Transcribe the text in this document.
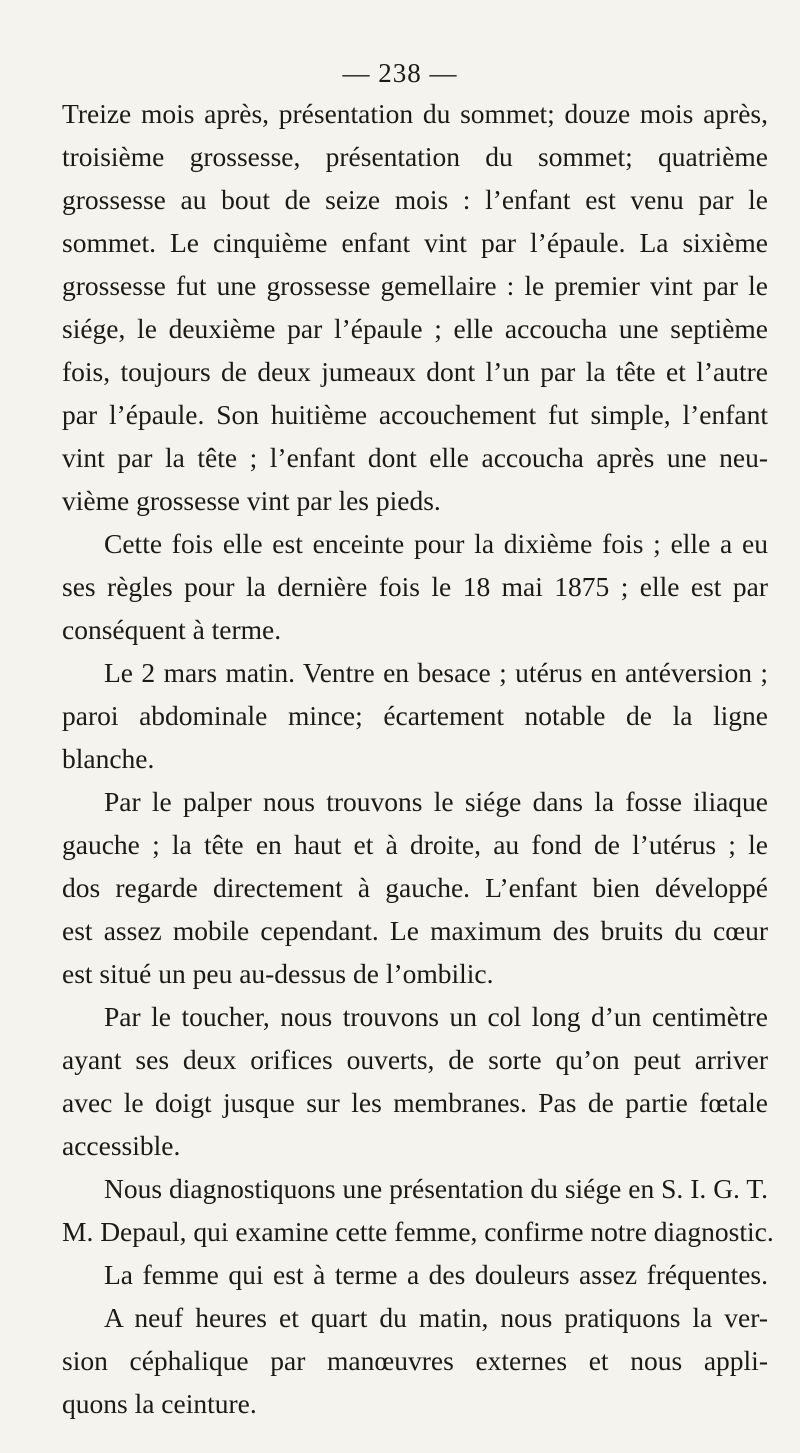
— 238 —
Treize mois après, présentation du sommet; douze mois après,
troisième grossesse, présentation du sommet; quatrième
grossesse au bout de seize mois : l’enfant est venu par le
sommet. Le cinquième enfant vint par l’épaule. La sixième
grossesse fut une grossesse gemellaire : le premier vint par le
siége, le deuxième par l’épaule ; elle accoucha une septième
fois, toujours de deux jumeaux dont l’un par la tête et l’autre
par l’épaule. Son huitième accouchement fut simple, l’enfant
vint par la tête ; l’enfant dont elle accoucha après une neu-
vième grossesse vint par les pieds.
Cette fois elle est enceinte pour la dixième fois ; elle a eu
ses règles pour la dernière fois le 18 mai 1875 ; elle est par
conséquent à terme.
Le 2 mars matin. Ventre en besace ; utérus en antéversion ;
paroi abdominale mince; écartement notable de la ligne
blanche.
Par le palper nous trouvons le siége dans la fosse iliaque
gauche ; la tête en haut et à droite, au fond de l’utérus ; le
dos regarde directement à gauche. L’enfant bien développé
est assez mobile cependant. Le maximum des bruits du cœur
est situé un peu au-dessus de l’ombilic.
Par le toucher, nous trouvons un col long d’un centimètre
ayant ses deux orifices ouverts, de sorte qu’on peut arriver
avec le doigt jusque sur les membranes. Pas de partie fœtale
accessible.
Nous diagnostiquons une présentation du siége en S. I. G. T.
M. Depaul, qui examine cette femme, confirme notre diagnostic.
La femme qui est à terme a des douleurs assez fréquentes.
A neuf heures et quart du matin, nous pratiquons la ver-
sion céphalique par manœuvres externes et nous appli-
quons la ceinture.
